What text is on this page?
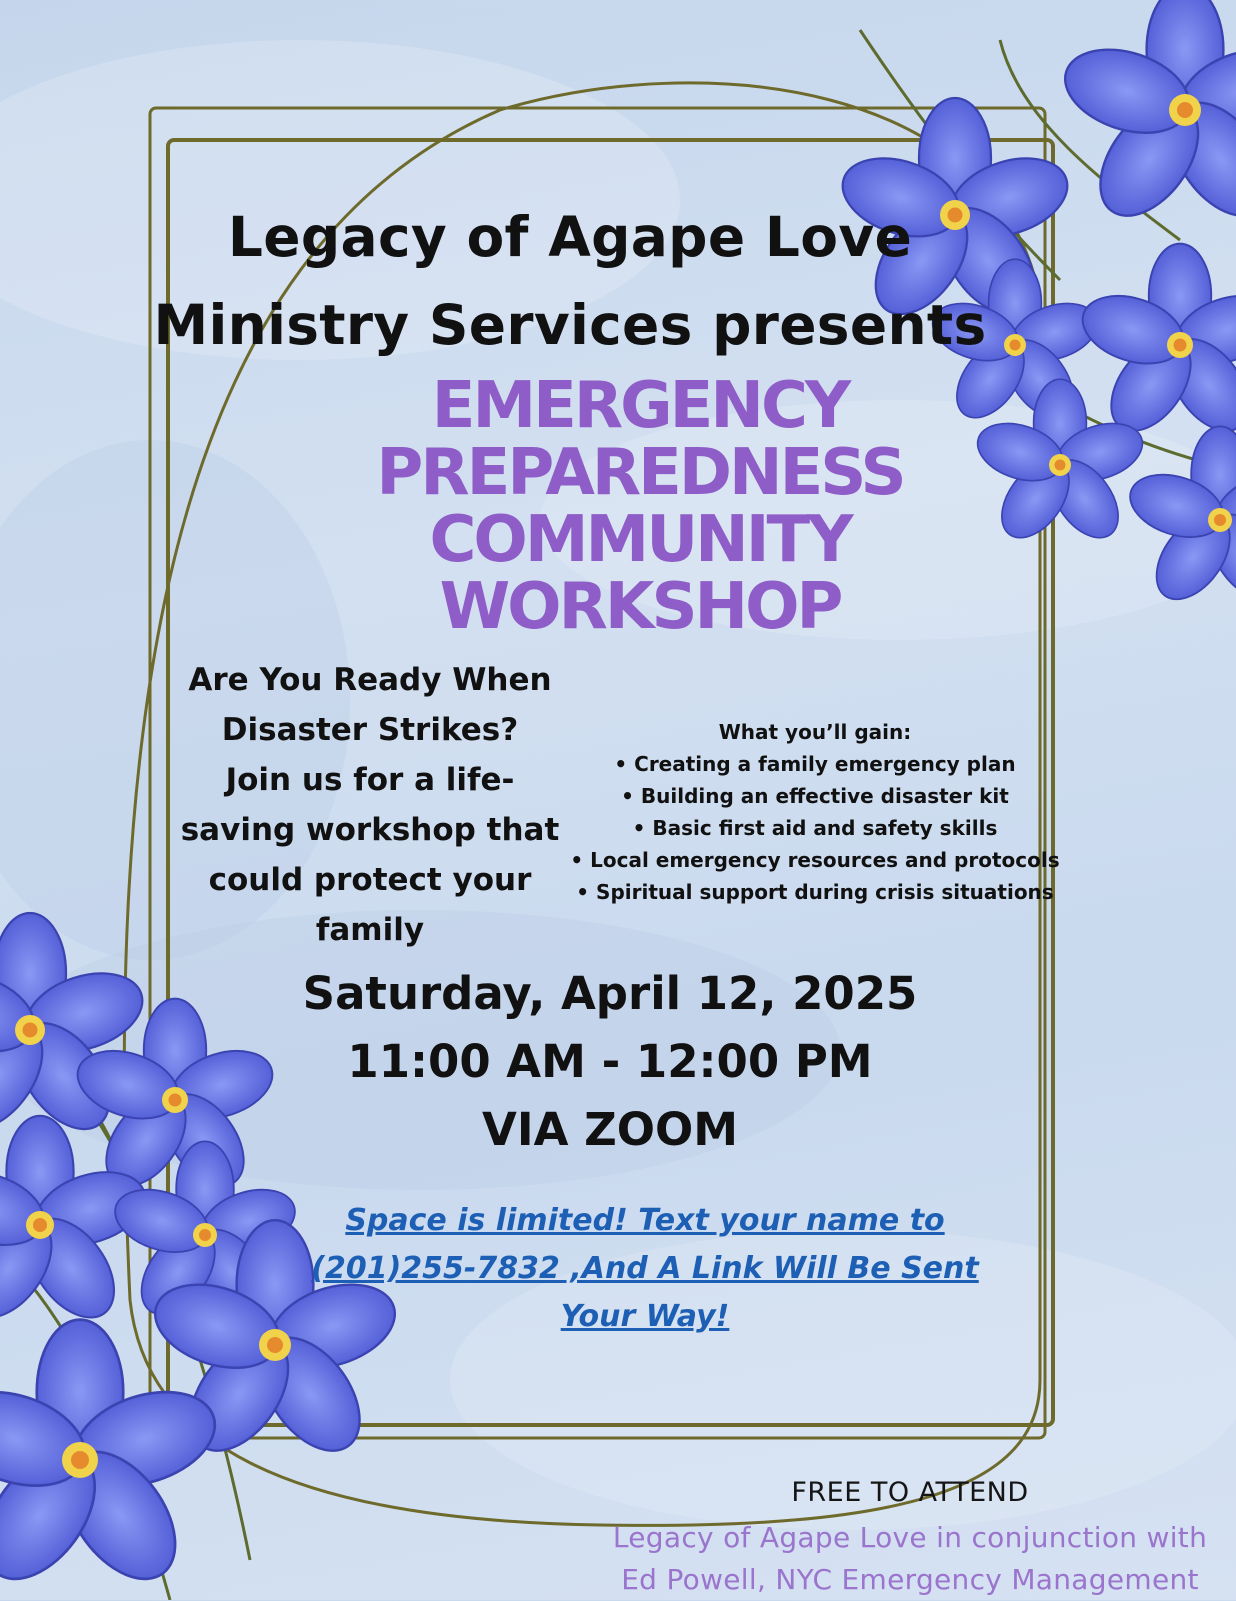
Legacy of Agape Love
Ministry Services presents
EMERGENCY
PREPAREDNESS
COMMUNITY
WORKSHOP
Are You Ready When
Disaster Strikes?
Join us for a life-
saving workshop that
could protect your
family
What you’ll gain:
• Creating a family emergency plan
• Building an effective disaster kit
• Basic first aid and safety skills
• Local emergency resources and protocols
• Spiritual support during crisis situations
Saturday, April 12, 2025
11:00 AM - 12:00 PM
VIA ZOOM
Space is limited! Text your name to
(201)255-7832 ,And A Link Will Be Sent
Your Way!
FREE TO ATTEND
Legacy of Agape Love in conjunction with
Ed Powell, NYC Emergency Management
